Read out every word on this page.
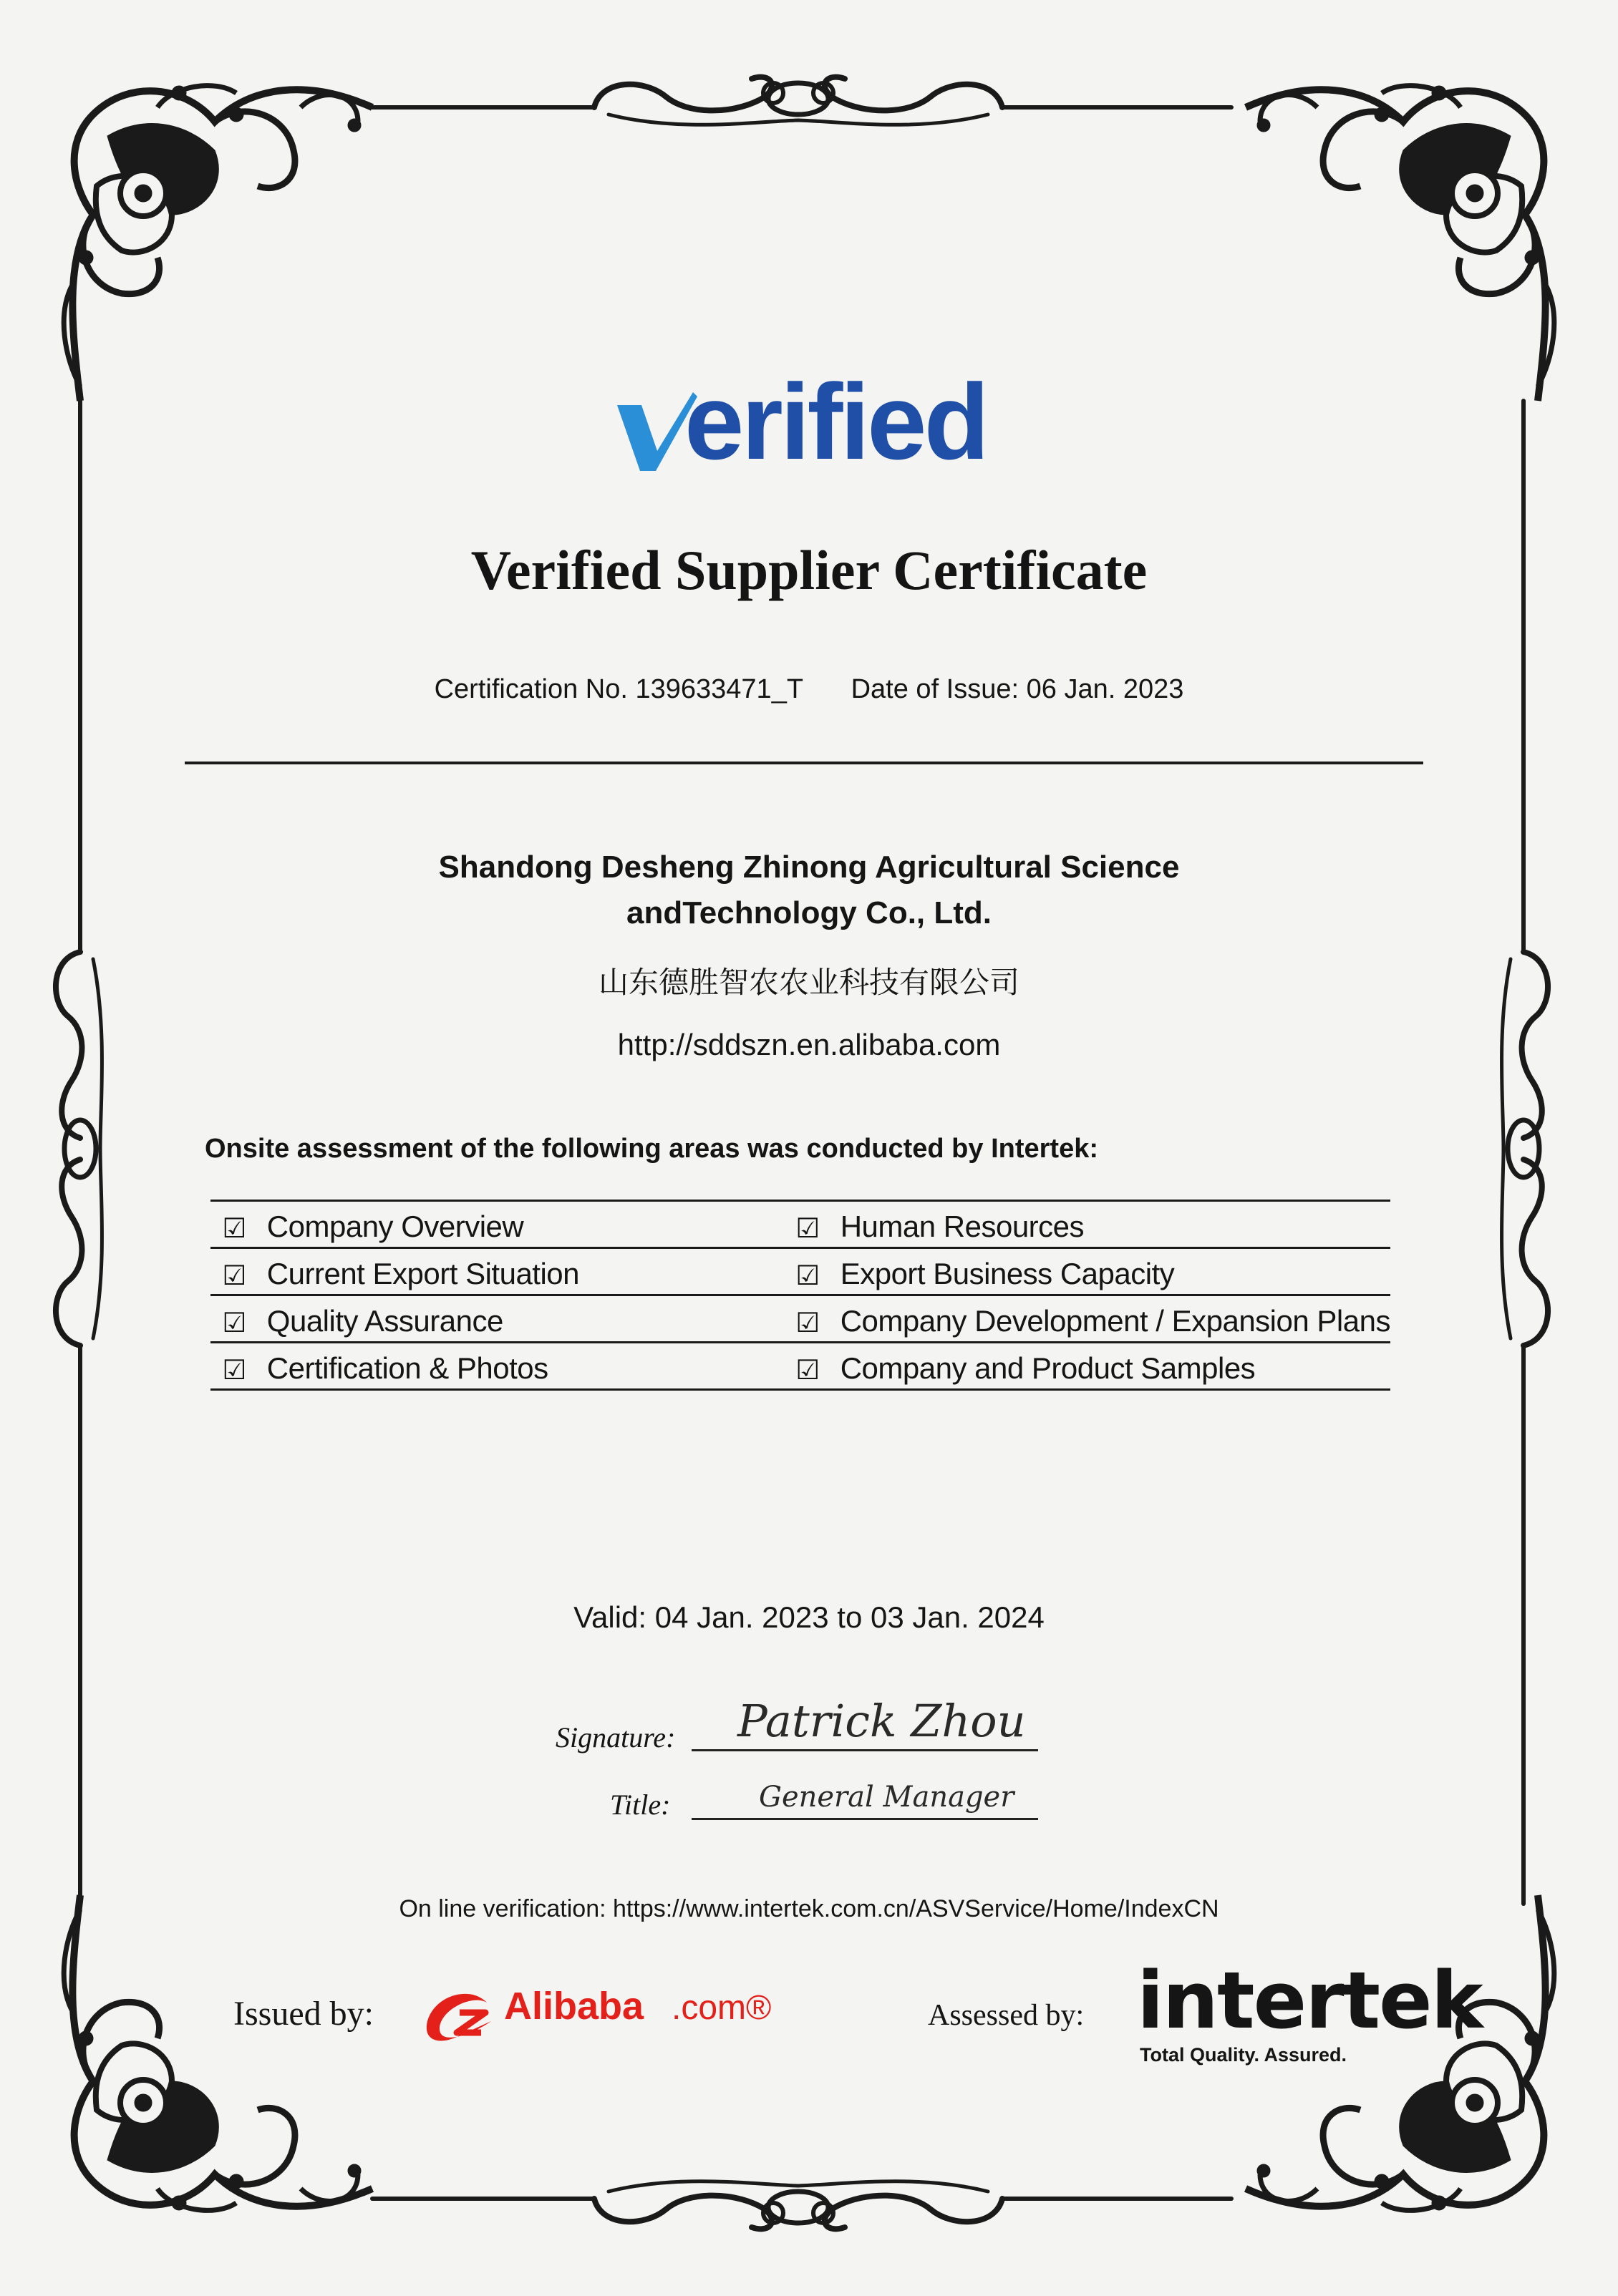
erified
Verified Supplier Certificate
Certification No. 139633471_T Date of Issue: 06 Jan. 2023
Shandong Desheng Zhinong Agricultural Science
andTechnology Co., Ltd.
山东德胜智农农业科技有限公司
http://sddszn.en.alibaba.com
Onsite assessment of the following areas was conducted by Intertek:
☑	Company Overview	☑	Human Resources
☑	Current Export Situation	☑	Export Business Capacity
☑	Quality Assurance	☑	Company Development / Expansion Plans
☑	Certification & Photos	☑	Company and Product Samples
Valid: 04 Jan. 2023 to 03 Jan. 2024
Signature: Patrick Zhou
Title:	General Manager
On line verification: https://www.intertek.com.cn/ASVService/Home/IndexCN
Issued by:	Alibaba .com®	Assessed by: intertek
Total Quality. Assured.
